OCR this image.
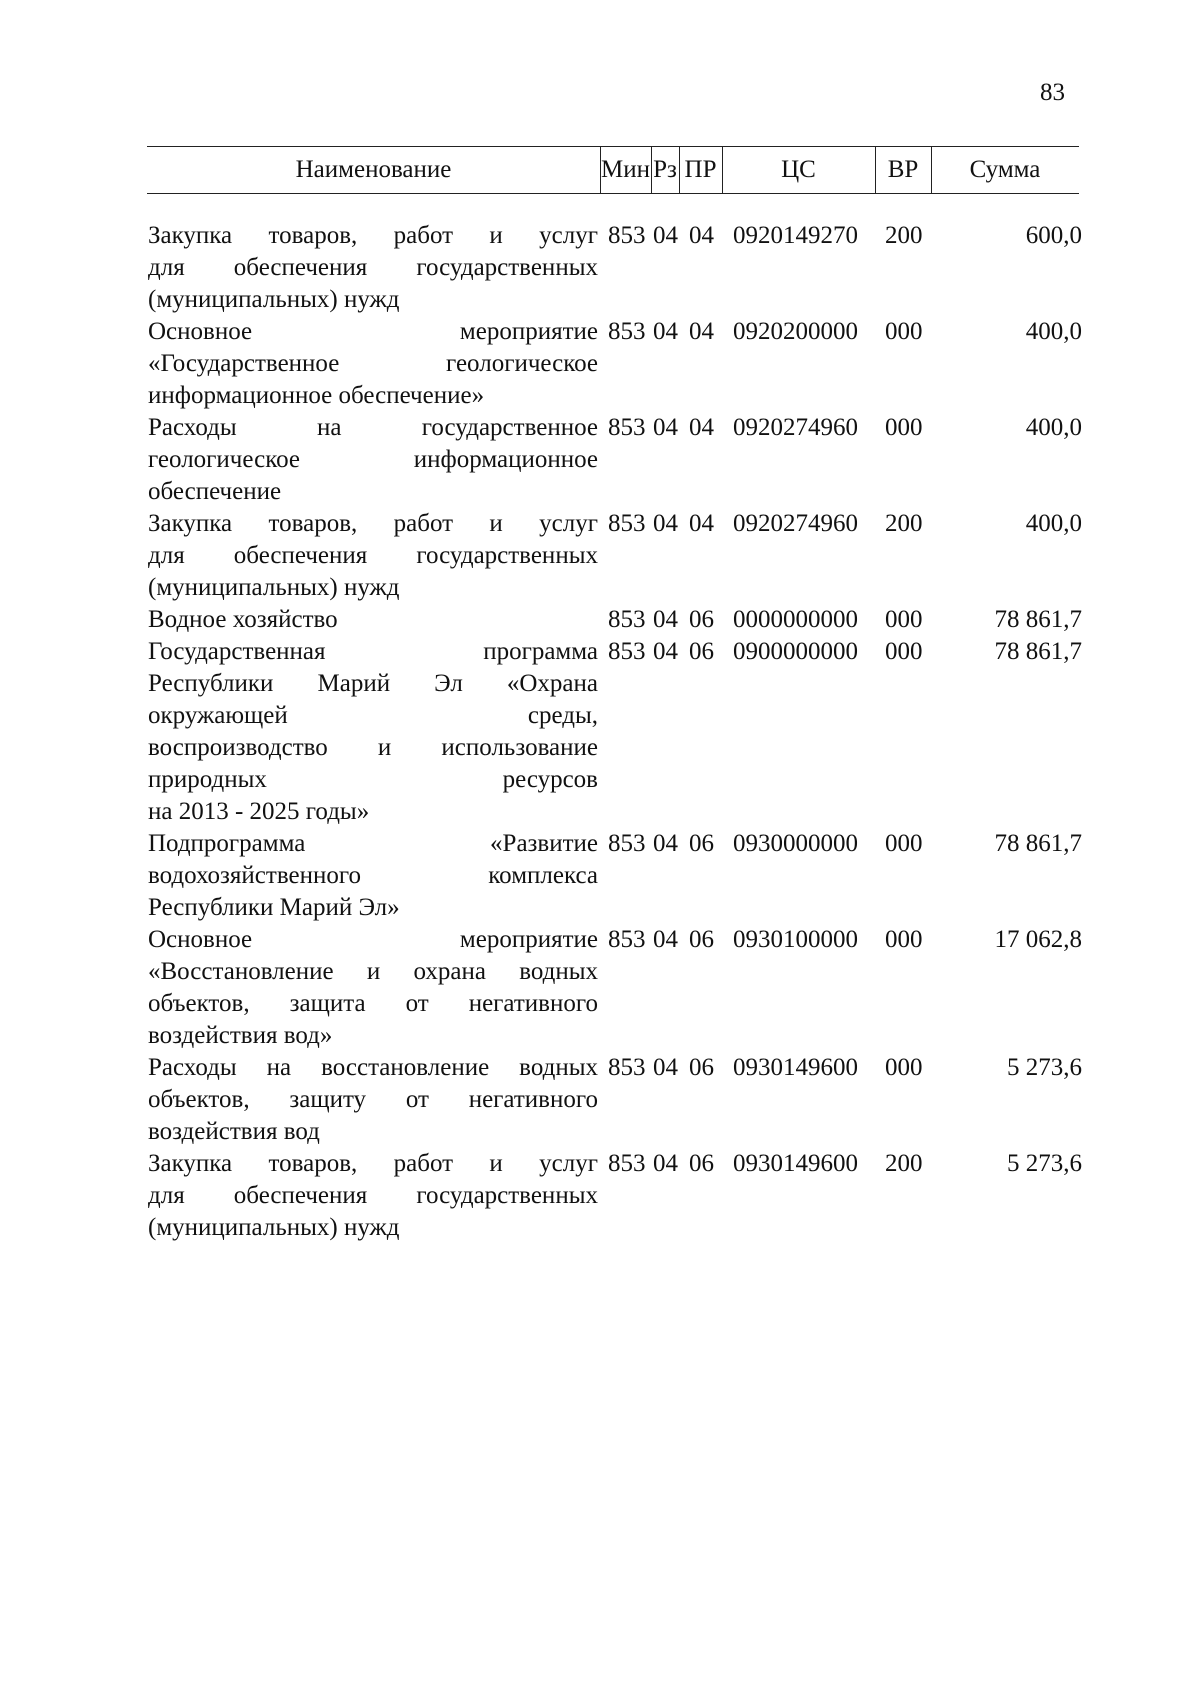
83
Наименование	Мин Рз ПР	ЦС	ВР	Сумма
Закупка товаров, работ и услуг
для обеспечения государственных
(муниципальных) нужд
853 04 04 0920149270 200	600,0
Основное мероприятие
«Государственное геологическое
информационное обеспечение»
853 04 04 0920200000 000	400,0
Расходы на государственное
геологическое информационное
обеспечение
853 04 04 0920274960 000	400,0
Закупка товаров, работ и услуг
для обеспечения государственных
(муниципальных) нужд
853 04 04 0920274960 200	400,0
Водное хозяйство	853 04 06 0000000000 000	78 861,7
Государственная программа
Республики Марий Эл «Охрана
окружающей среды,
воспроизводство и использование
природных ресурсов
на 2013 - 2025 годы»
853 04 06 0900000000 000	78 861,7
Подпрограмма «Развитие
водохозяйственного комплекса
Республики Марий Эл»
853 04 06 0930000000 000	78 861,7
Основное мероприятие
«Восстановление и охрана водных
объектов, защита от негативного
воздействия вод»
853 04 06 0930100000 000	17 062,8
Расходы на восстановление водных
объектов, защиту от негативного
воздействия вод
853 04 06 0930149600 000	5 273,6
Закупка товаров, работ и услуг
для обеспечения государственных
(муниципальных) нужд
853 04 06 0930149600 200	5 273,6
